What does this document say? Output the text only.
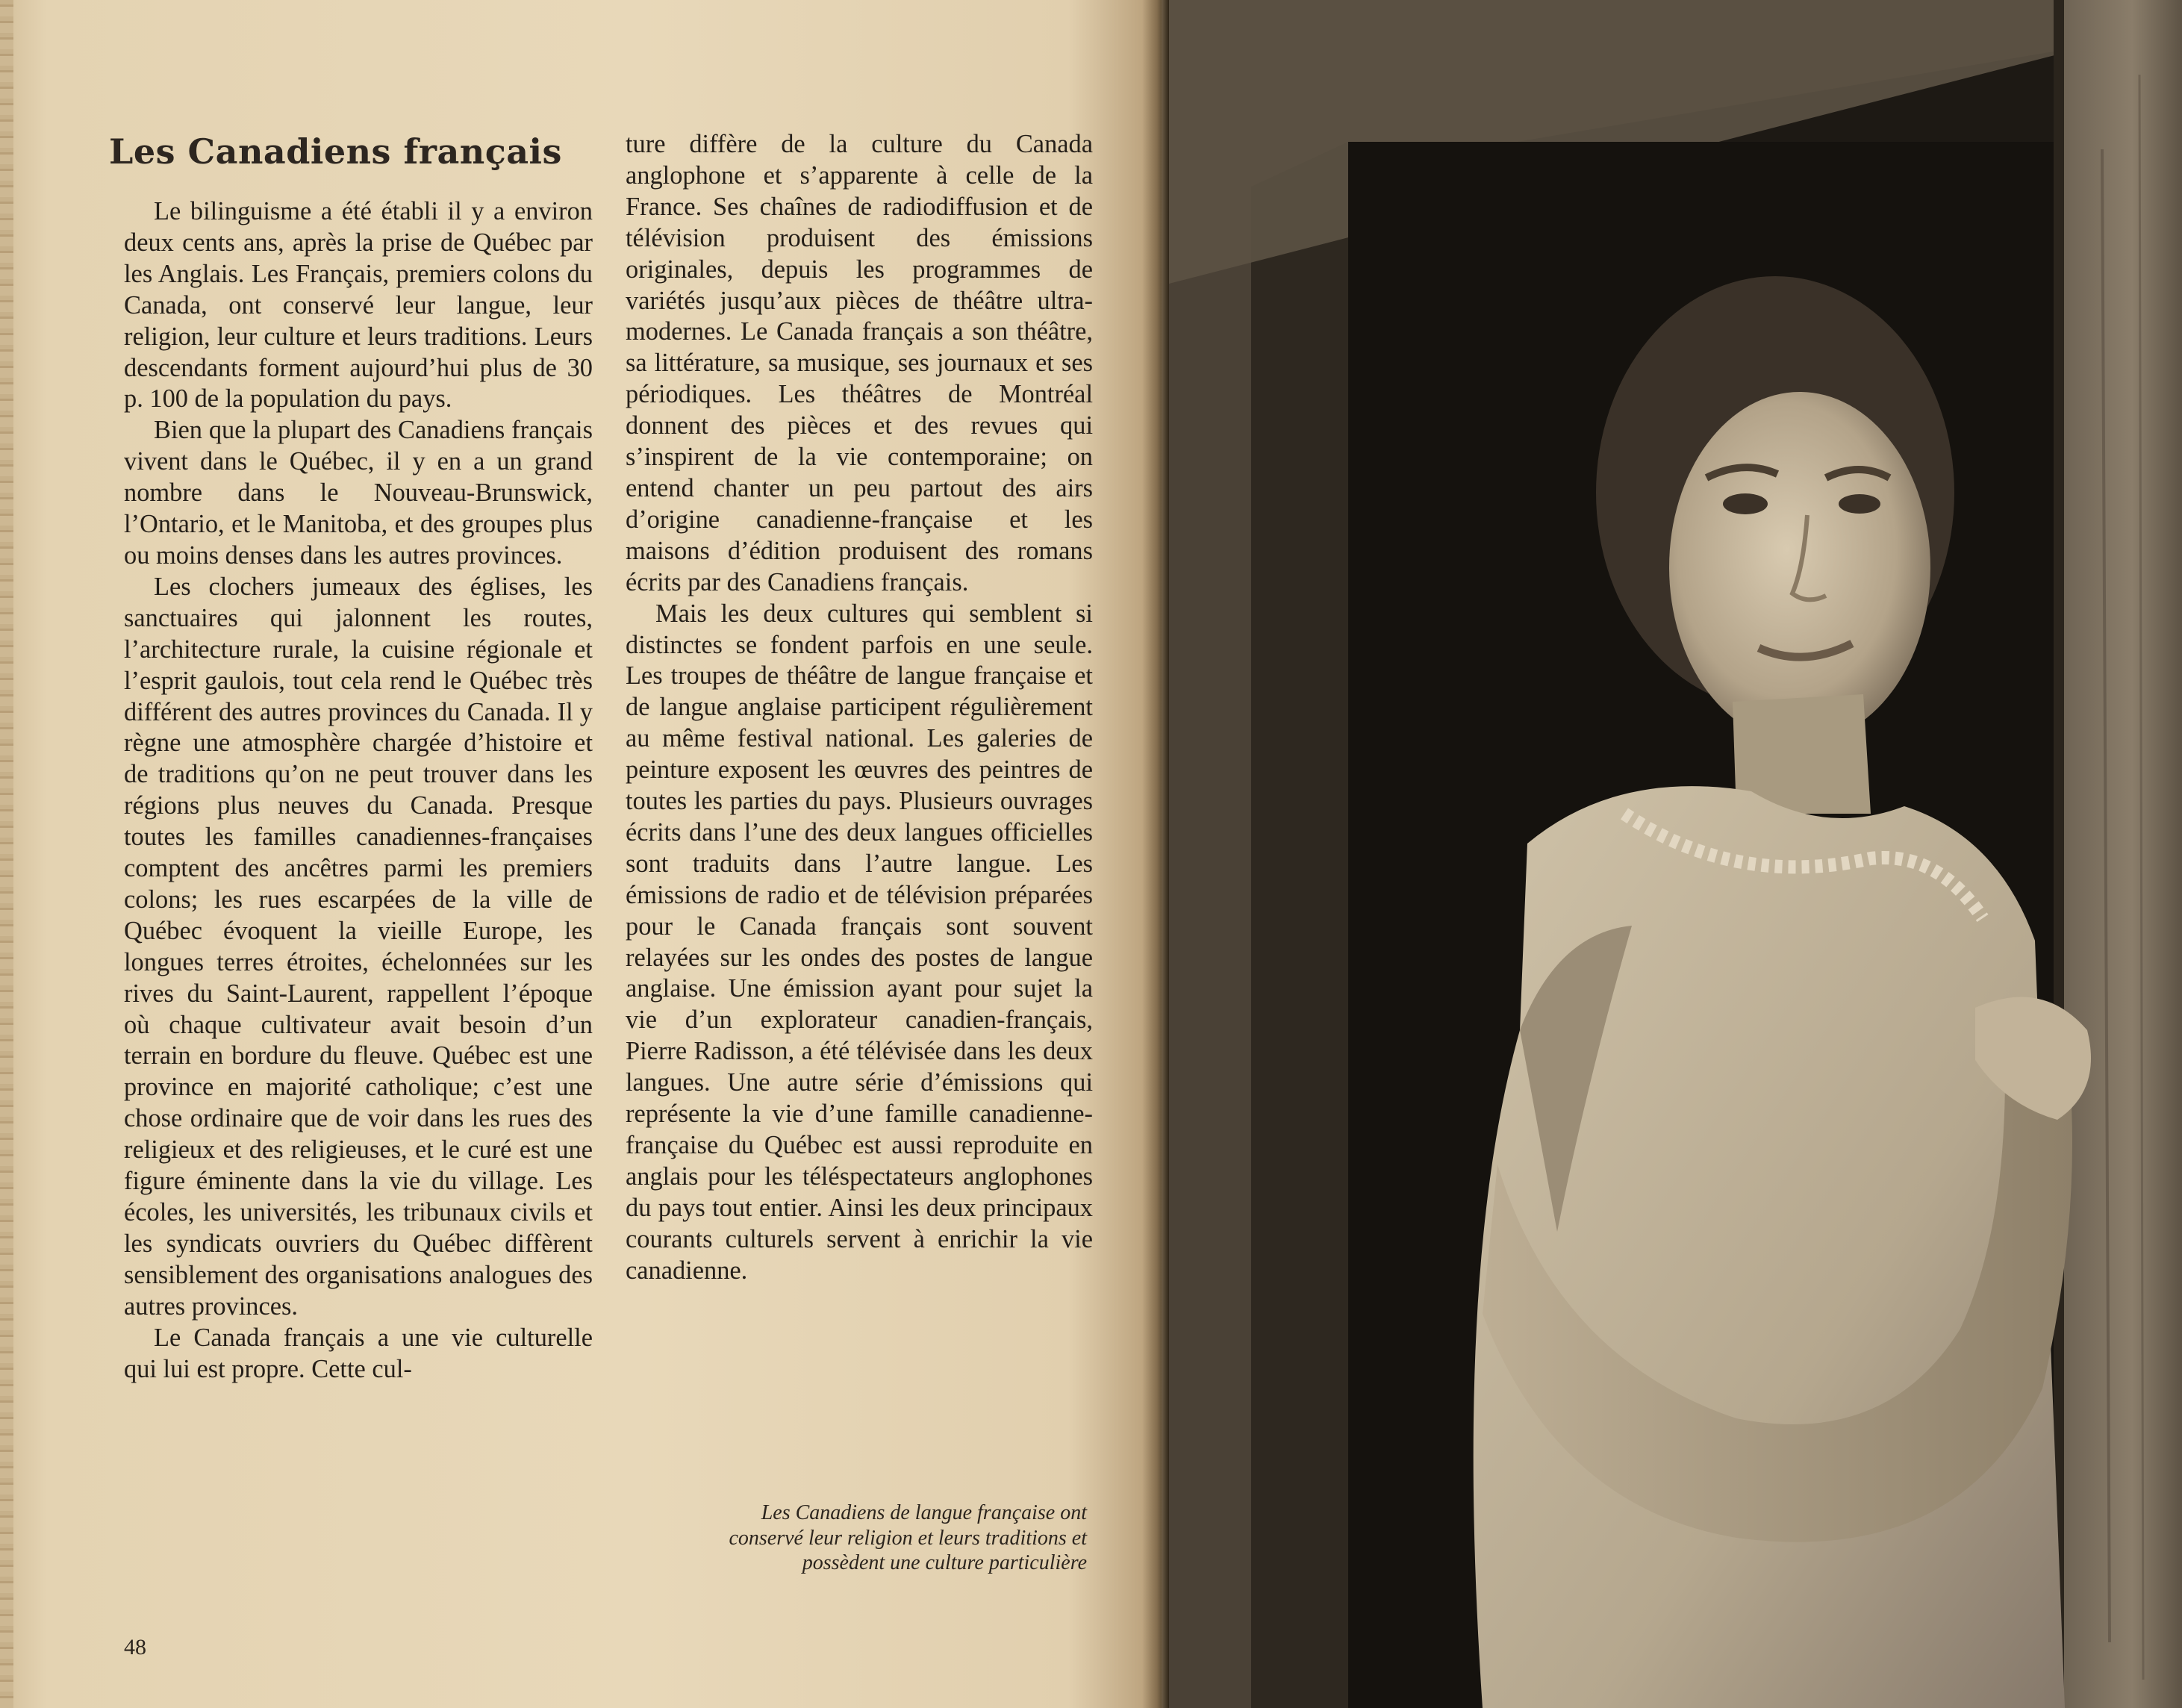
Les Canadiens français

Le bilinguisme a été établi il y a environ deux cents ans, après la prise de Québec par les Anglais. Les Français, premiers colons du Canada, ont conservé leur langue, leur religion, leur culture et leurs traditions. Leurs descendants forment aujourd’hui plus de 30 p. 100 de la population du pays.

Bien que la plupart des Canadiens français vivent dans le Québec, il y en a un grand nombre dans le Nouveau-Brunswick, l’Ontario, et le Manitoba, et des groupes plus ou moins denses dans les autres provinces.

Les clochers jumeaux des églises, les sanctuaires qui jalonnent les routes, l’architecture rurale, la cuisine régionale et l’esprit gaulois, tout cela rend le Québec très différent des autres provinces du Canada. Il y règne une atmosphère chargée d’histoire et de traditions qu’on ne peut trouver dans les régions plus neuves du Canada. Presque toutes les familles canadiennes-françaises comptent des ancêtres parmi les premiers colons; les rues escarpées de la ville de Québec évoquent la vieille Europe, les longues terres étroites, échelonnées sur les rives du Saint-Laurent, rappellent l’époque où chaque cultivateur avait besoin d’un terrain en bordure du fleuve. Québec est une province en majorité catholique; c’est une chose ordinaire que de voir dans les rues des religieux et des religieuses, et le curé est une figure éminente dans la vie du village. Les écoles, les universités, les tribunaux civils et les syndicats ouvriers du Québec diffèrent sensiblement des organisations analogues des autres provinces.

Le Canada français a une vie culturelle qui lui est propre. Cette cul-

ture diffère de la culture du Canada anglophone et s’apparente à celle de la France. Ses chaînes de radiodiffusion et de télévision produisent des émissions originales, depuis les programmes de variétés jusqu’aux pièces de théâtre ultra-modernes. Le Canada français a son théâtre, sa littérature, sa musique, ses journaux et ses périodiques. Les théâtres de Montréal donnent des pièces et des revues qui s’inspirent de la vie contemporaine; on entend chanter un peu partout des airs d’origine canadienne-française et les maisons d’édition produisent des romans écrits par des Canadiens français.

Mais les deux cultures qui semblent si distinctes se fondent parfois en une seule. Les troupes de théâtre de langue française et de langue anglaise participent régulièrement au même festival national. Les galeries de peinture exposent les œuvres des peintres de toutes les parties du pays. Plusieurs ouvrages écrits dans l’une des deux langues officielles sont traduits dans l’autre langue. Les émissions de radio et de télévision préparées pour le Canada français sont souvent relayées sur les ondes des postes de langue anglaise. Une émission ayant pour sujet la vie d’un explorateur canadien-français, Pierre Radisson, a été télévisée dans les deux langues. Une autre série d’émissions qui représente la vie d’une famille canadienne-française du Québec est aussi reproduite en anglais pour les téléspectateurs anglophones du pays tout entier. Ainsi les deux principaux courants culturels servent à enrichir la vie canadienne.

Les Canadiens de langue française ont conservé leur religion et leurs traditions et possèdent une culture particulière
48
